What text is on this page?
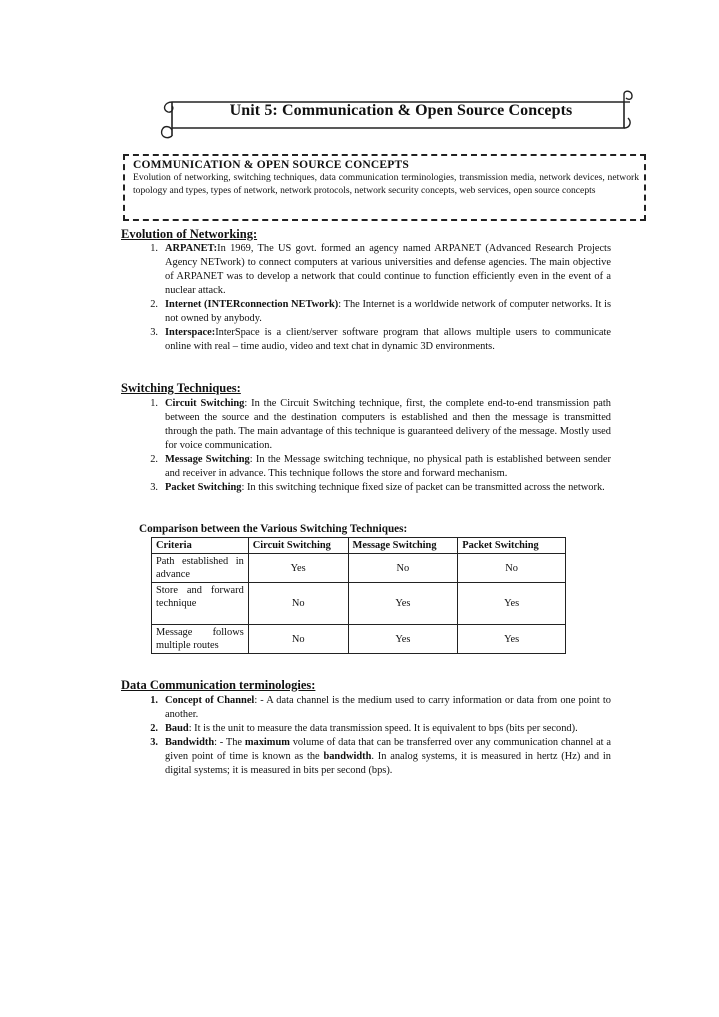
Unit 5: Communication & Open Source Concepts
COMMUNICATION & OPEN SOURCE CONCEPTS
Evolution of networking, switching techniques, data communication terminologies, transmission media, network devices, network topology and types, types of network, network protocols, network security concepts, web services, open source concepts
Evolution of Networking:
1. ARPANET:In 1969, The US govt. formed an agency named ARPANET (Advanced Research Projects Agency NETwork) to connect computers at various universities and defense agencies. The main objective of ARPANET was to develop a network that could continue to function efficiently even in the event of a nuclear attack.
2. Internet (INTERconnection NETwork): The Internet is a worldwide network of computer networks. It is not owned by anybody.
3. Interspace:InterSpace is a client/server software program that allows multiple users to communicate online with real – time audio, video and text chat in dynamic 3D environments.
Switching Techniques:
1. Circuit Switching: In the Circuit Switching technique, first, the complete end-to-end transmission path between the source and the destination computers is established and then the message is transmitted through the path. The main advantage of this technique is guaranteed delivery of the message. Mostly used for voice communication.
2. Message Switching: In the Message switching technique, no physical path is established between sender and receiver in advance. This technique follows the store and forward mechanism.
3. Packet Switching: In this switching technique fixed size of packet can be transmitted across the network.
Comparison between the Various Switching Techniques:
Criteria	Circuit Switching	Message Switching	Packet Switching
Path established in advance	Yes	No	No
Store and forward technique	No	Yes	Yes
Message follows multiple routes	No	Yes	Yes
Data Communication terminologies:
1. Concept of Channel: - A data channel is the medium used to carry information or data from one point to another.
2. Baud: It is the unit to measure the data transmission speed. It is equivalent to bps (bits per second).
3. Bandwidth: - The maximum volume of data that can be transferred over any communication channel at a given point of time is known as the bandwidth. In analog systems, it is measured in hertz (Hz) and in digital systems; it is measured in bits per second (bps).
